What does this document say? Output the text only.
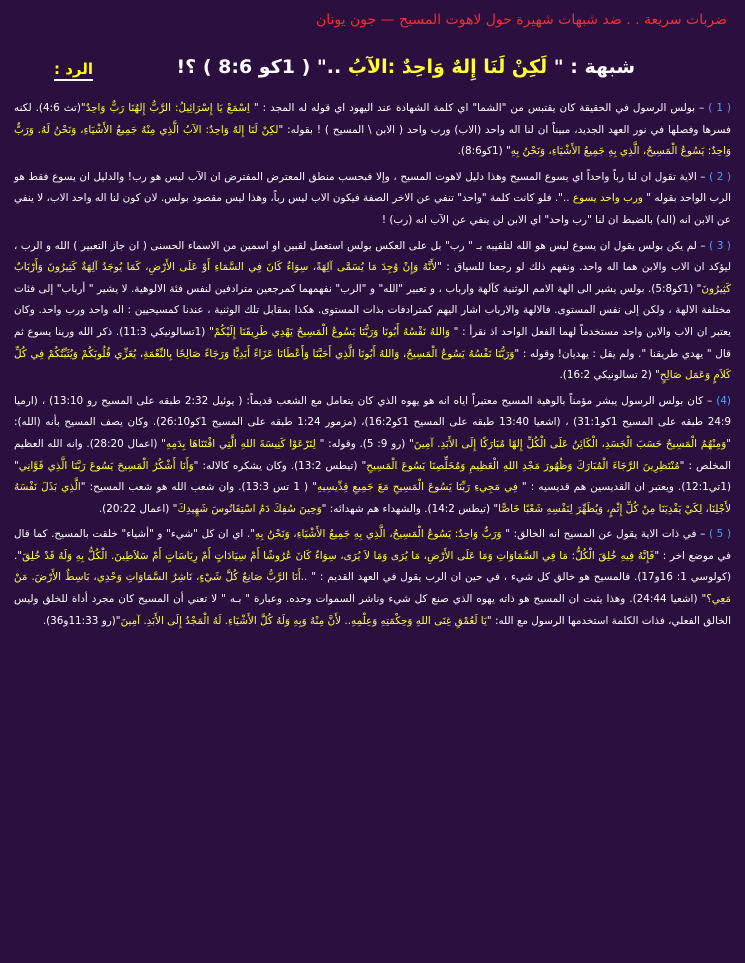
ضربات سريعة . . ضد شبهات شهيرة حول لاهوت المسيح — جون يونان
شبهة : " لَكِنْ لَنَا إِلهٌ وَاحِدٌ :الآبُ .." ( 1كو 8:6 ) ؟!
الرد :

( 1 ) – بولس الرسول في الحقيقة كان يقتبس من "الشما" اي كلمة الشهادة عند اليهود اي قوله له المجد : " اِسْمَعْ يَا إِسْرَائِيلُ: الرَّبُّ إِلهُنَا رَبٌّ وَاحِدٌ"(تث 4:6). لكنه فسرها وفصلها في نور العهد الجديد، مبيناً ان لنا اله واحد (الاب) ورب واحد ( الابن \ المسيح ) ! بقوله: "لكِنْ لَنَا إِلهٌ وَاحِدٌ: الآبُ الَّذِي مِنْهُ جَمِيعُ الأَشْيَاءِ، وَنَحْنُ لَهُ. وَرَبٌّ وَاحِدٌ: يَسُوعُ الْمَسِيحُ، الَّذِي بِهِ جَمِيعُ الأَشْيَاءِ، وَنَحْنُ بِهِ" (1كو8:6).

( 2 ) – الاية تقول ان لنا رباً واحداً اي يسوع المسيح وهذا دليل لاهوت المسيح ، وإلا فبحسب منطق المعترض المفترض ان الآب ليس هو رب! والدليل ان يسوع فقط هو الرب الواحد بقوله " ورب واحد يسوع ..". فلو كانت كلمة "واحد" تنفي عن الاخر الصفة فيكون الاب ليس رباً، وهذا ليس مقصود بولس. لان كون لنا اله واحد الاب، لا ينفي عن الابن انه (اله) بالضبط ان لنا "رب واحد" اي الابن لن ينفي عن الآب انه (رب) !

( 3 ) – لم يكن بولس يقول ان يسوع ليس هو الله لتلقيبه بـ " رب" بل على العكس بولس استعمل لقبين او اسمين من الاسماء الحسنى ( ان جاز التعبير ) الله و الرب ، ليؤكد ان الاب والابن هما اله واحد. ونفهم ذلك لو رجعنا للسياق : "لأَنَّهُ وَإِنْ وُجِدَ مَا يُسَمَّى آلِهَةً، سِوَاءٌ كَانَ فِي السَّمَاءِ أَوْ عَلَى الأَرْضِ، كَمَا يُوجَدُ آلِهَةٌ كَثِيرُونَ وَأَرْبَابٌ كَثِيرُونَ" (1كو5:8). بولس يشير الى الهة الامم الوثنية كآلهة وارباب ، و تعبير "الله" و "الرب" نفهمهما كمرجعين مترادفين لنفس فئة الالوهية. لا يشير " أرباب" إلى فئات مختلفة الالهة ، ولكن إلى نفس المستوى. فالالهة والارباب اشار اليهم كمترادفات بذات المستوى. هكذا بمقابل تلك الوثنية ، عندنا كمسيحيين : اله واحد ورب واحد. وكان يعتبر ان الاب والابن واحد مستخدماً لهما الفعل الواحد اذ نقرأ : " وَاللهُ نَفْسُهُ أَبُونَا وَرَبُّنَا يَسُوعُ الْمَسِيحُ يَهْدِي طَرِيقَنَا إِلَيْكُمْ" (1تسالونيكي 11:3). ذكر الله ورينا يسوع ثم قال " يهدي طريقنا ". ولم يقل : يهديان! وقوله : "وَرَبُّنَا نَفْسُهُ يَسُوعُ الْمَسِيحُ، وَاللهُ أَبُونَا الَّذِي أَحَبَّنَا وَأَعْطَانَا عَزَاءً أَبَدِيًّا وَرَجَاءً صَالِحًا بِالنِّعْمَةِ، يُعَزِّي قُلُوبَكُمْ وَيُثَبِّتُكُمْ فِي كُلِّ كَلاَمٍ وَعَمَل صَالِحٍ" (2 تسالونيكي 16:2).

(4) – كان بولس الرسول يبشر مؤمناً بالوهية المسيح معتبراً اياه انه هو يهوه الذي كان يتعامل مع الشعب قديماً: ( يوئيل 2:32 طبقه على المسيح رو 13:10) ، (ارميا 24:9 طبقه على المسيح 1كو31:1) ، (اشعيا 13:40 طبقه على المسيح 1كو16:2)، (مزمور 1:24 طبقه على المسيح 1كو26:10). وكان يصف المسيح بأنه (الله): "وَمِنْهُمُ الْمَسِيحُ حَسَبَ الْجَسَدِ، الْكَائِنُ عَلَى الْكُلِّ إِلهًا مُبَارَكًا إِلَى الأَبَدِ. آمِينَ" (رو 9: 5). وقوله: " لِتَرْعَوْا كَنِيسَةَ اللهِ الَّتِي اقْتَنَاهَا بِدَمِهِ" (اعمال 28:20). وانه الله العظيم المخلص : "مُنْتَظِرِينَ الرَّجَاءَ الْمُبَارَكَ وَظُهُورَ مَجْدِ اللهِ الْعَظِيمِ وَمُخَلِّصِنَا يَسُوعَ الْمَسِيحِ" (تيطس 13:2). وكان يشكره كالاله: "وَأَنَا أَشْكُرُ الْمَسِيحَ يَسُوعَ رَبَّنَا الَّذِي قَوَّانِي" (1تي12:1). ويعتبر ان القديسين هم قديسيه : " فِي مَجِيءِ رَبِّنَا يَسُوعَ الْمَسِيحِ مَعَ جَمِيعِ قِدِّيسِيهِ" ( 1 تس 13:3). وان شعب الله هو شعب المسيح: "الَّذِي بَذَلَ نَفْسَهُ لأَجْلِنَا، لِكَيْ يَفْدِيَنَا مِنْ كُلِّ إِثْمٍ، وَيُطَهِّرَ لِنَفْسِهِ شَعْبًا خَاصًّا" (تيطس 14:2). والشهداء هم شهدائه: "وَحِينَ سُفِكَ دَمُ اسْتِفَانُوسَ شَهِيدِكَ" (اعمال 20:22).

( 5 ) – في ذات الاية يقول عن المسيح انه الخالق: " وَرَبٌّ وَاحِدٌ: يَسُوعُ الْمَسِيحُ، الَّذِي بِهِ جَمِيعُ الأَشْيَاءِ، وَنَحْنُ بِهِ". اي ان كل "شيء" و "أشياء" خلقت بالمسيح. كما قال في موضع اخر : "فَإِنَّهُ فِيهِ خُلِقَ الْكُلُّ: مَا فِي السَّمَاوَاتِ وَمَا عَلَى الأَرْضِ، مَا يُرَى وَمَا لاَ يُرَى، سِوَاءٌ كَانَ عُرُوشًا أَمْ سِيَادَاتٍ أَمْ رِيَاسَاتٍ أَمْ سَلاَطِينَ. الْكُلُّ بِهِ وَلَهُ قَدْ خُلِقَ". (كولوسي 1: 16و17). فالمسيح هو خالق كل شيء ، في حين ان الرب يقول في العهد القديم : " ..أَنَا الرَّبُّ صَانِعٌ كُلَّ شَيْءٍ، نَاشِرٌ السَّمَاوَاتِ وَحْدِي، بَاسِطٌ الأَرْضَ. مَنْ مَعِي؟" (اشعيا 24:44). وهذا يثبت ان المسيح هو ذاته يهوه الذي صنع كل شيء وناشر السموات وحده. وعبارة " بـه " لا تعني أن المسيح كان مجرد أداة للخلق وليس الخالق الفعلي، فذات الكلمة استخدمها الرسول مع الله: "يَا لَعُمْقِ غِنَى اللهِ وَحِكْمَتِهِ وَعِلْمِهِ.. لأَنَّ مِنْهُ وَبِهِ وَلَهُ كُلَّ الأَشْيَاءِ. لَهُ الْمَجْدُ إِلَى الأَبَدِ. آمِينَ"(رو 11:33و36).
